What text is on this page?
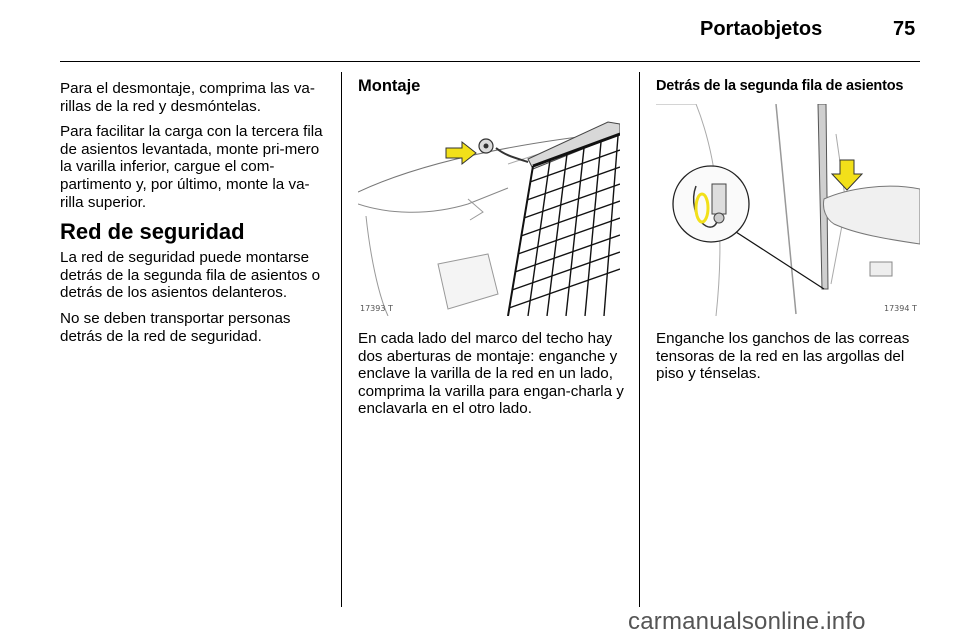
Portaobjetos	75

Para el desmontaje, comprima las va-rillas de la red y desmóntelas.

Para facilitar la carga con la tercera fila de asientos levantada, monte pri-mero la varilla inferior, cargue el com-partimento y, por último, monte la va-rilla superior.

Red de seguridad

La red de seguridad puede montarse detrás de la segunda fila de asientos o detrás de los asientos delanteros.

No se deben transportar personas detrás de la red de seguridad.

Montaje
17393 T

En cada lado del marco del techo hay dos aberturas de montaje: enganche y enclave la varilla de la red en un lado, comprima la varilla para engan-charla y enclavarla en el otro lado.

Detrás de la segunda fila de asientos
17394 T

Enganche los ganchos de las correas tensoras de la red en las argollas del piso y ténselas.

carmanualsonline.info
